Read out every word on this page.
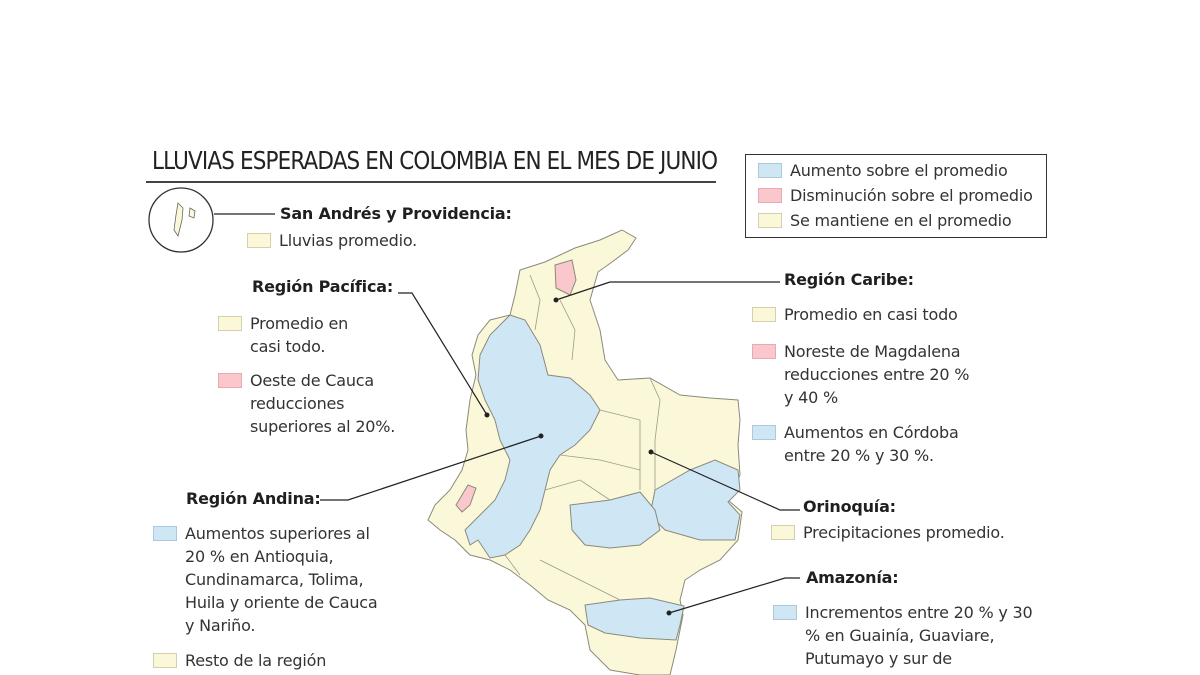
LLUVIAS ESPERADAS EN COLOMBIA EN EL MES DE JUNIO	Aumento sobre el promedio
Disminución sobre el promedio
Se mantiene en el promedio
San Andrés y Providencia:
Lluvias promedio.
Región Pacífica:
Promedio en casi todo.
Oeste de Cauca reducciones superiores al 20%.
Región Caribe:
Promedio en casi todo
Noreste de Magdalena reducciones entre 20 % y 40 %
Aumentos en Córdoba entre 20 % y 30 %.
Región Andina:
Aumentos superiores al 20 % en Antioquia, Cundinamarca, Tolima, Huila y oriente de Cauca y Nariño.
Resto de la región
Orinoquía:
Precipitaciones promedio.
Amazonía:
Incrementos entre 20 % y 30 % en Guainía, Guaviare, Putumayo y sur de
